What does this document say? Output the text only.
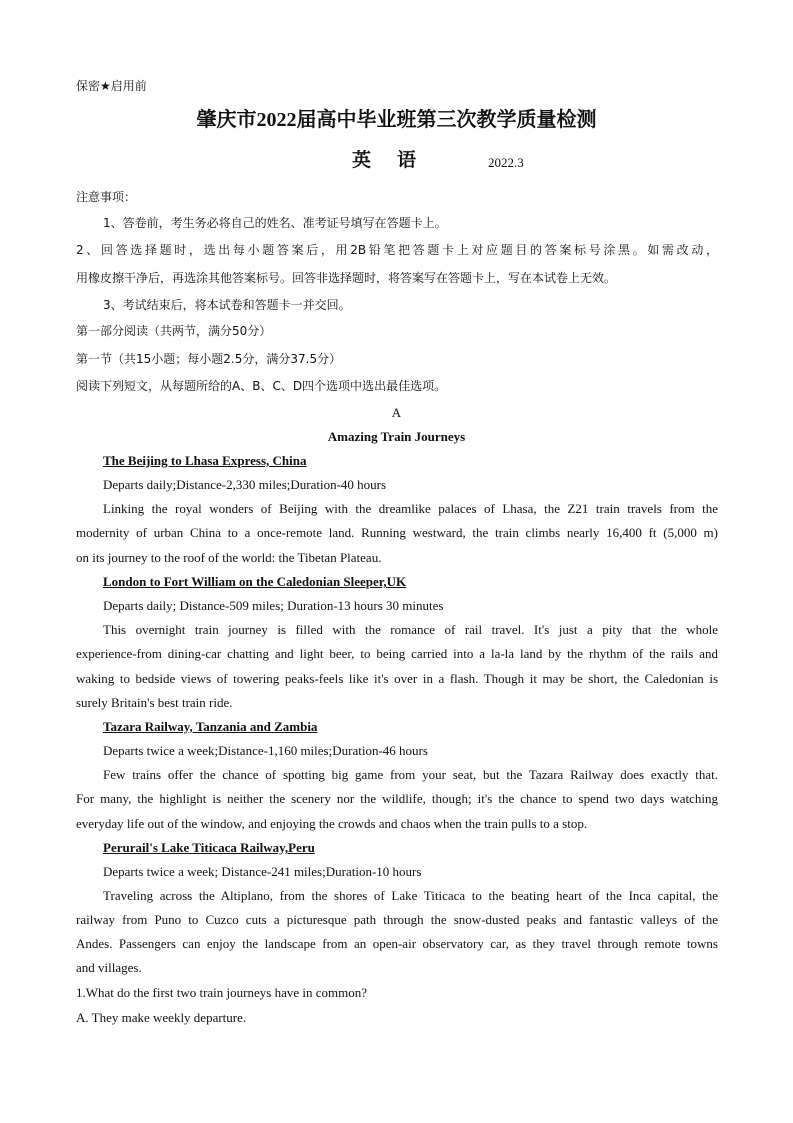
保密★启用前
肇庆市2022届高中毕业班第三次教学质量检测
英语	2022.3
注意事项：
1、答卷前，考生务必将自己的姓名、准考证号填写在答题卡上。
2、回答选择题时，选出每小题答案后，用2B铅笔把答题卡上对应题目的答案标号涂黑。如需改动，
用橡皮擦干净后，再选涂其他答案标号。回答非选择题时，将答案写在答题卡上，写在本试卷上无效。
3、考试结束后，将本试卷和答题卡一并交回。
第一部分阅读（共两节，满分50分）
第一节（共15小题；每小题2.5分，满分37.5分）
阅读下列短文，从每题所给的A、B、C、D四个选项中选出最佳选项。
A
Amazing Train Journeys
The Beijing to Lhasa Express, China
Departs daily;Distance-2,330 miles;Duration-40 hours
Linking the royal wonders of Beijing with the dreamlike palaces of Lhasa, the Z21 train travels from the
modernity of urban China to a once-remote land. Running westward, the train climbs nearly 16,400 ft (5,000 m)
on its journey to the roof of the world: the Tibetan Plateau.
London to Fort William on the Caledonian Sleeper,UK
Departs daily; Distance-509 miles; Duration-13 hours 30 minutes
This overnight train journey is filled with the romance of rail travel. It's just a pity that the whole
experience-from dining-car chatting and light beer, to being carried into a la-la land by the rhythm of the rails and
waking to bedside views of towering peaks-feels like it's over in a flash. Though it may be short, the Caledonian is
surely Britain's best train ride.
Tazara Railway, Tanzania and Zambia
Departs twice a week;Distance-1,160 miles;Duration-46 hours
Few trains offer the chance of spotting big game from your seat, but the Tazara Railway does exactly that.
For many, the highlight is neither the scenery nor the wildlife, though; it's the chance to spend two days watching
everyday life out of the window, and enjoying the crowds and chaos when the train pulls to a stop.
Perurail's Lake Titicaca Railway,Peru
Departs twice a week; Distance-241 miles;Duration-10 hours
Traveling across the Altiplano, from the shores of Lake Titicaca to the beating heart of the Inca capital, the
railway from Puno to Cuzco cuts a picturesque path through the snow-dusted peaks and fantastic valleys of the
Andes. Passengers can enjoy the landscape from an open-air observatory car, as they travel through remote towns
and villages.
1.What do the first two train journeys have in common?
A. They make weekly departure.
